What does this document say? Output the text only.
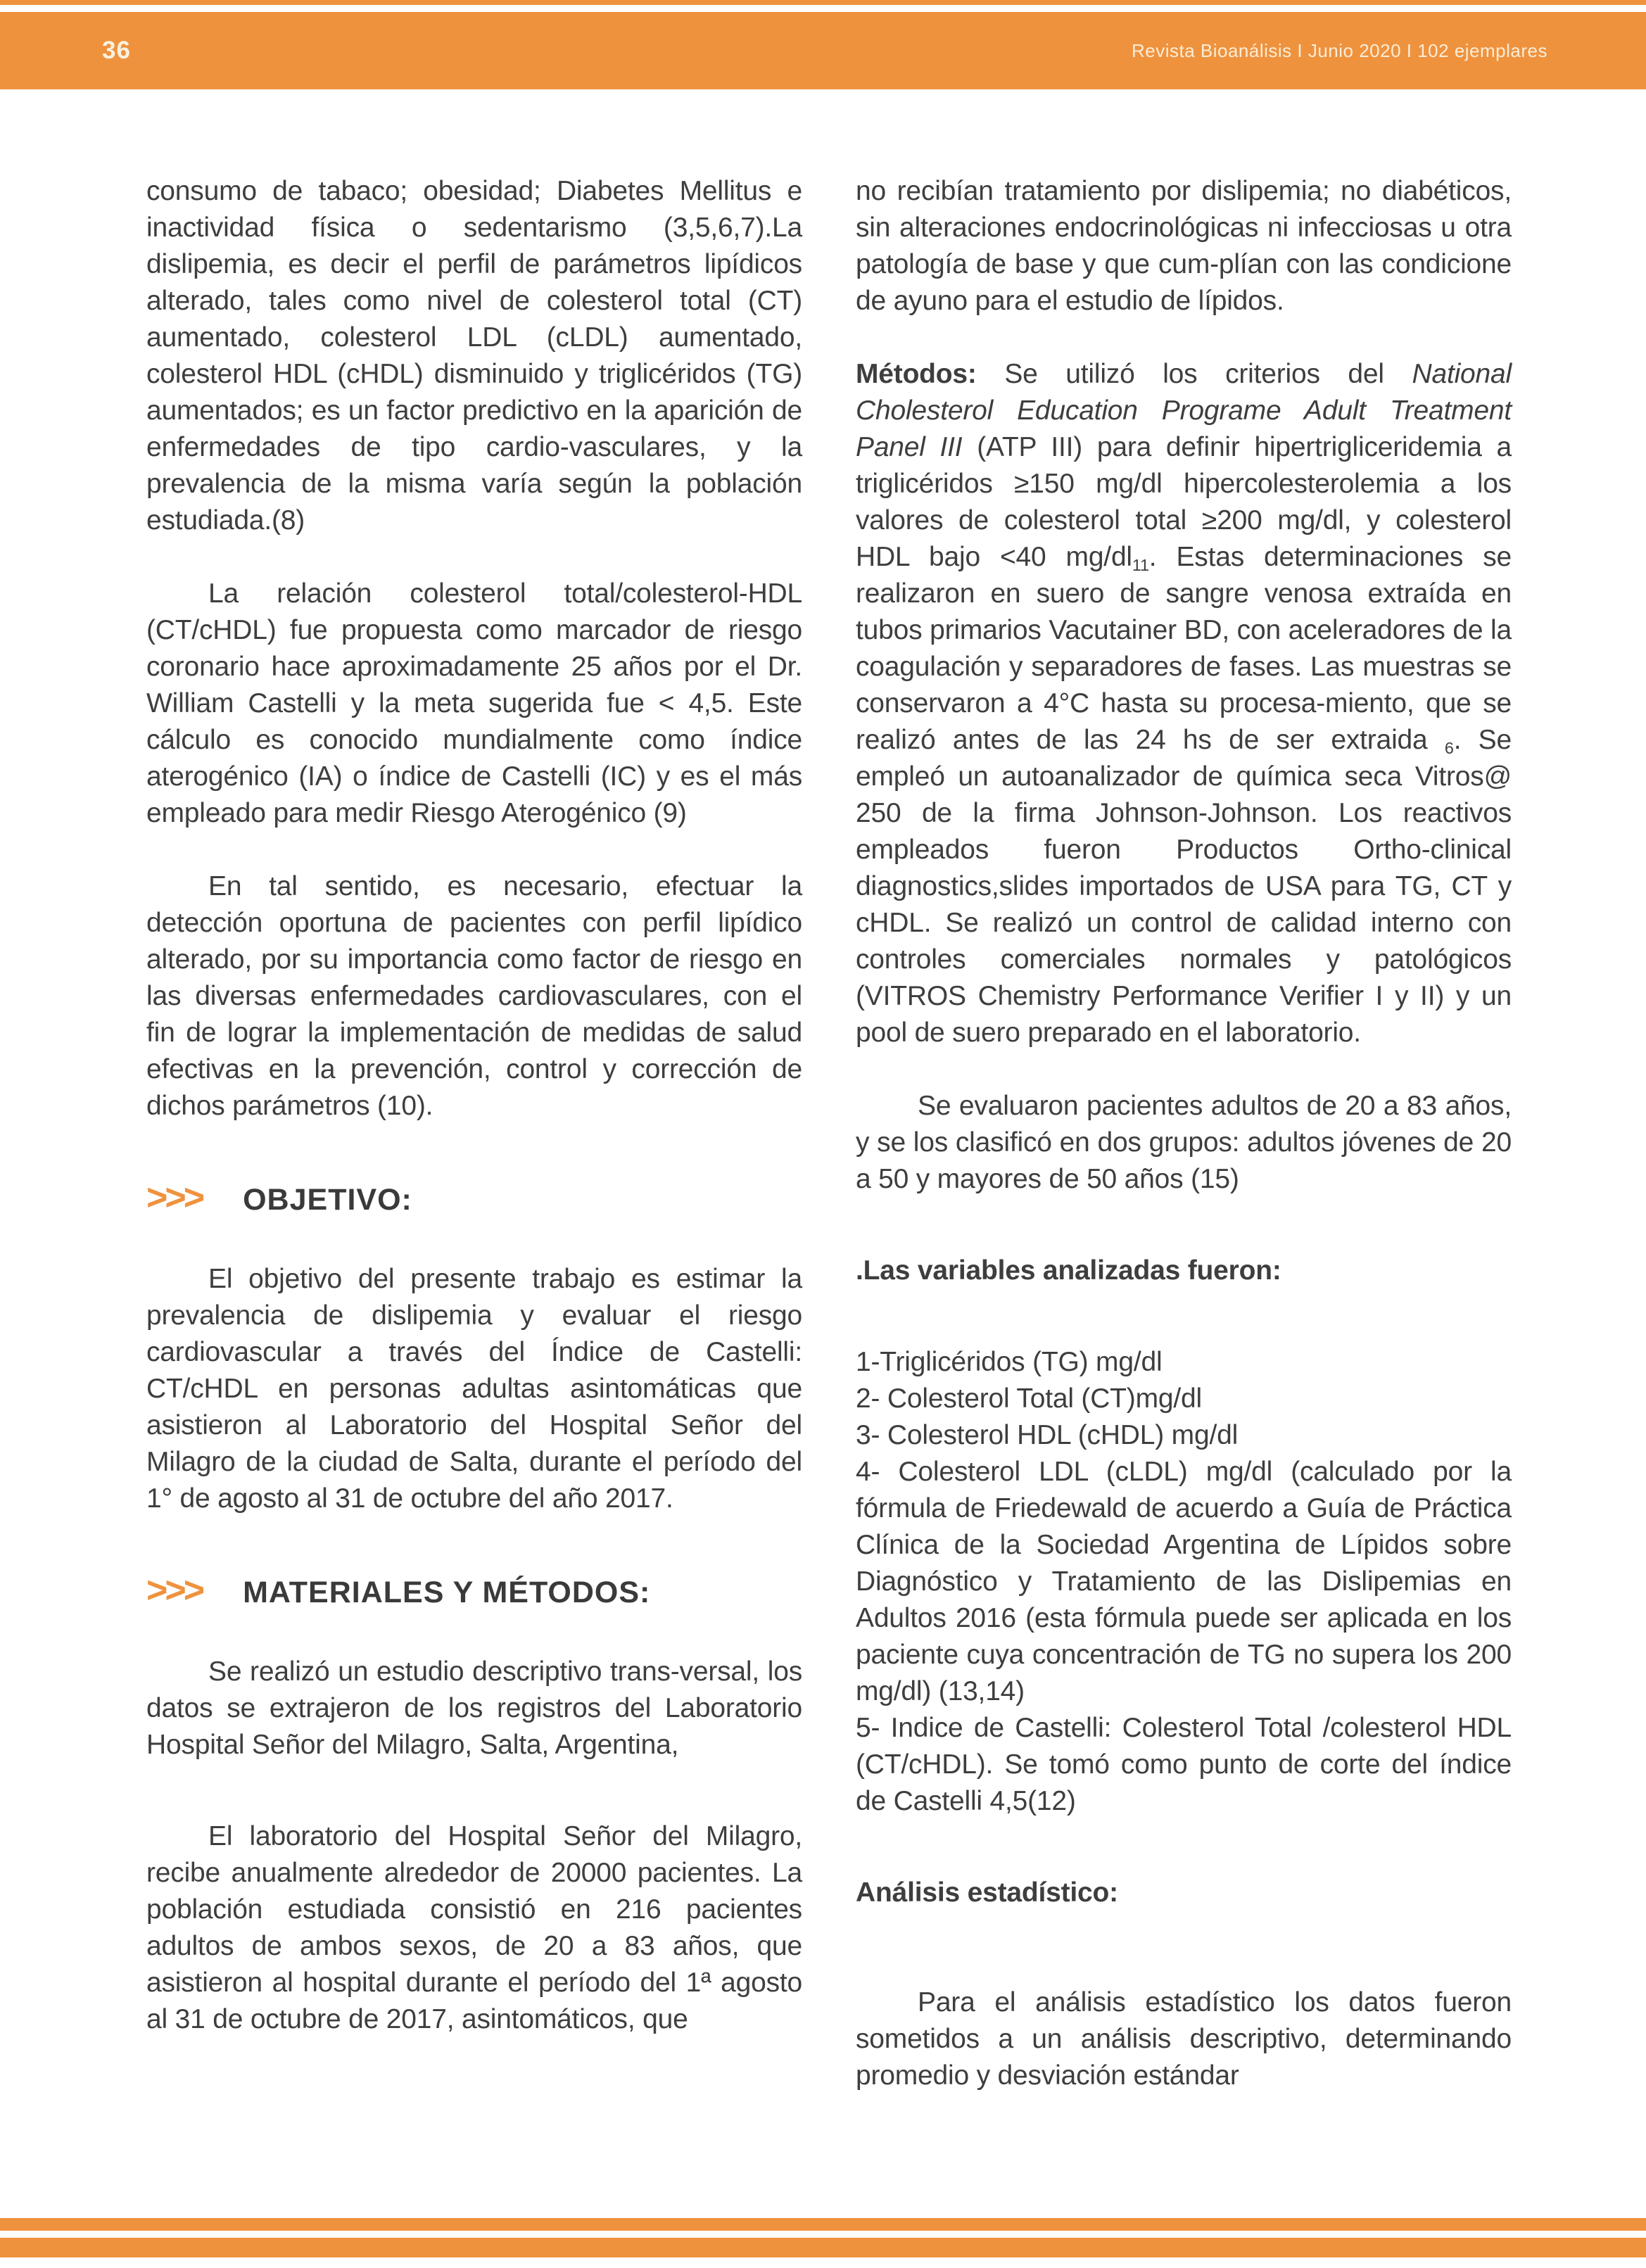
36	Revista Bioanálisis I Junio 2020 I 102 ejemplares

consumo de tabaco; obesidad; Diabetes Mellitus e inactividad física o sedentarismo (3,5,6,7).La dislipemia, es decir el perfil de parámetros lipídicos alterado, tales como nivel de colesterol total (CT) aumentado, colesterol LDL (cLDL) aumentado, colesterol HDL (cHDL) disminuido y triglicéridos (TG) aumentados; es un factor predictivo en la aparición de enfermedades de tipo cardio-vasculares, y la prevalencia de la misma varía según la población estudiada.(8)

La relación colesterol total/colesterol-HDL (CT/cHDL) fue propuesta como marcador de riesgo coronario hace aproximadamente 25 años por el Dr. William Castelli y la meta sugerida fue < 4,5. Este cálculo es conocido mundialmente como índice aterogénico (IA) o índice de Castelli (IC) y es el más empleado para medir Riesgo Aterogénico (9)

En tal sentido, es necesario, efectuar la detección oportuna de pacientes con perfil lipídico alterado, por su importancia como factor de riesgo en las diversas enfermedades cardiovasculares, con el fin de lograr la implementación de medidas de salud efectivas en la prevención, control y corrección de dichos parámetros (10).

>>> OBJETIVO:

El objetivo del presente trabajo es estimar la prevalencia de dislipemia y evaluar el riesgo cardiovascular a través del Índice de Castelli: CT/cHDL en personas adultas asintomáticas que asistieron al Laboratorio del Hospital Señor del Milagro de la ciudad de Salta, durante el período del 1° de agosto al 31 de octubre del año 2017.

>>> MATERIALES Y MÉTODOS:

Se realizó un estudio descriptivo trans-versal, los datos se extrajeron de los registros del Laboratorio Hospital Señor del Milagro, Salta, Argentina,

El laboratorio del Hospital Señor del Milagro, recibe anualmente alrededor de 20000 pacientes. La población estudiada consistió en 216 pacientes adultos de ambos sexos, de 20 a 83 años, que asistieron al hospital durante el período del 1ª agosto al 31 de octubre de 2017, asintomáticos, que

no recibían tratamiento por dislipemia; no diabéticos, sin alteraciones endocrinológicas ni infecciosas u otra patología de base y que cum-plían con las condicione de ayuno para el estudio de lípidos.

Métodos: Se utilizó los criterios del National Cholesterol Education Programe Adult Treatment Panel III (ATP III) para definir hipertrigliceridemia a triglicéridos ≥150 mg/dl hipercolesterolemia a los valores de colesterol total ≥200 mg/dl, y colesterol HDL bajo <40 $mg/dl_{11}$. Estas determinaciones se realizaron en suero de sangre venosa extraída en tubos primarios Vacutainer BD, con aceleradores de la coagulación y separadores de fases. Las muestras se conservaron a 4°C hasta su procesa-miento, que se realizó antes de las 24 hs de ser extraida $_6$. Se empleó un autoanalizador de química seca Vitros@ 250 de la firma Johnson-Johnson. Los reactivos empleados fueron Productos Ortho-clinical diagnostics,slides importados de USA para TG, CT y cHDL. Se realizó un control de calidad interno con controles comerciales normales y patológicos (VITROS Chemistry Performance Verifier I y II) y un pool de suero preparado en el laboratorio.

Se evaluaron pacientes adultos de 20 a 83 años, y se los clasificó en dos grupos: adultos jóvenes de 20 a 50 y mayores de 50 años (15)

.Las variables analizadas fueron:

1-Triglicéridos (TG) mg/dl

2- Colesterol Total (CT)mg/dl

3- Colesterol HDL (cHDL) mg/dl

4- Colesterol LDL (cLDL) mg/dl (calculado por la fórmula de Friedewald de acuerdo a Guía de Práctica Clínica de la Sociedad Argentina de Lípidos sobre Diagnóstico y Tratamiento de las Dislipemias en Adultos 2016 (esta fórmula puede ser aplicada en los paciente cuya concentración de TG no supera los 200 mg/dl) (13,14)

5- Indice de Castelli: Colesterol Total /colesterol HDL (CT/cHDL). Se tomó como punto de corte del índice de Castelli 4,5(12)

Análisis estadístico:

Para el análisis estadístico los datos fueron sometidos a un análisis descriptivo, determinando promedio y desviación estándar
